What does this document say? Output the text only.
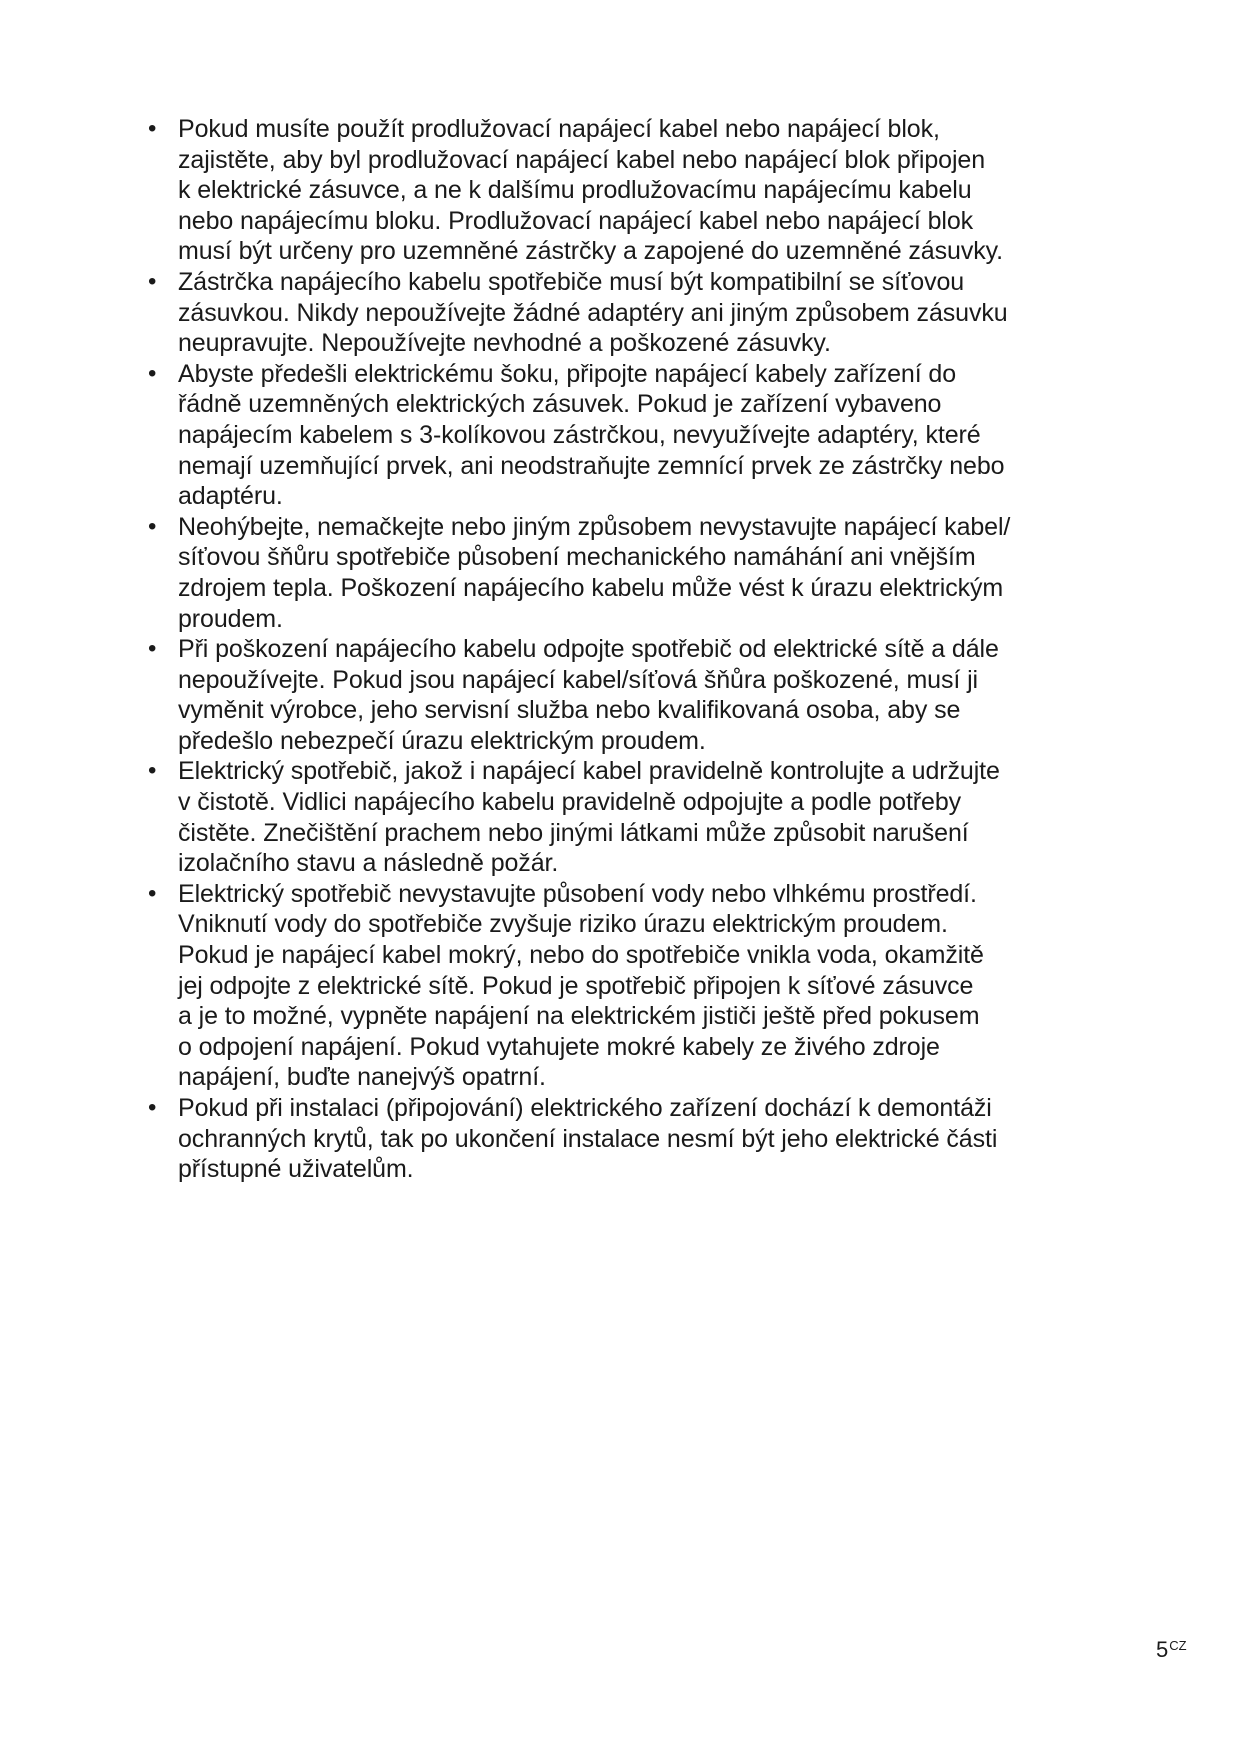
• Pokud musíte použít prodlužovací napájecí kabel nebo napájecí blok,
zajistěte, aby byl prodlužovací napájecí kabel nebo napájecí blok připojen
k elektrické zásuvce, a ne k dalšímu prodlužovacímu napájecímu kabelu
nebo napájecímu bloku. Prodlužovací napájecí kabel nebo napájecí blok
musí být určeny pro uzemněné zástrčky a zapojené do uzemněné zásuvky.
• Zástrčka napájecího kabelu spotřebiče musí být kompatibilní se síťovou
zásuvkou. Nikdy nepoužívejte žádné adaptéry ani jiným způsobem zásuvku
neupravujte. Nepoužívejte nevhodné a poškozené zásuvky.
• Abyste předešli elektrickému šoku, připojte napájecí kabely zařízení do
řádně uzemněných elektrických zásuvek. Pokud je zařízení vybaveno
napájecím kabelem s 3-kolíkovou zástrčkou, nevyužívejte adaptéry, které
nemají uzemňující prvek, ani neodstraňujte zemnící prvek ze zástrčky nebo
adaptéru.
• Neohýbejte, nemačkejte nebo jiným způsobem nevystavujte napájecí kabel/
síťovou šňůru spotřebiče působení mechanického namáhání ani vnějším
zdrojem tepla. Poškození napájecího kabelu může vést k úrazu elektrickým
proudem.
• Při poškození napájecího kabelu odpojte spotřebič od elektrické sítě a dále
nepoužívejte. Pokud jsou napájecí kabel/síťová šňůra poškozené, musí ji
vyměnit výrobce, jeho servisní služba nebo kvalifikovaná osoba, aby se
předešlo nebezpečí úrazu elektrickým proudem.
• Elektrický spotřebič, jakož i napájecí kabel pravidelně kontrolujte a udržujte
v čistotě. Vidlici napájecího kabelu pravidelně odpojujte a podle potřeby
čistěte. Znečištění prachem nebo jinými látkami může způsobit narušení
izolačního stavu a následně požár.
• Elektrický spotřebič nevystavujte působení vody nebo vlhkému prostředí.
Vniknutí vody do spotřebiče zvyšuje riziko úrazu elektrickým proudem.
Pokud je napájecí kabel mokrý, nebo do spotřebiče vnikla voda, okamžitě
jej odpojte z elektrické sítě. Pokud je spotřebič připojen k síťové zásuvce
a je to možné, vypněte napájení na elektrickém jističi ještě před pokusem
o odpojení napájení. Pokud vytahujete mokré kabely ze živého zdroje
napájení, buďte nanejvýš opatrní.
• Pokud při instalaci (připojování) elektrického zařízení dochází k demontáži
ochranných krytů, tak po ukončení instalace nesmí být jeho elektrické části
přístupné uživatelům.
$5^{CZ}$
